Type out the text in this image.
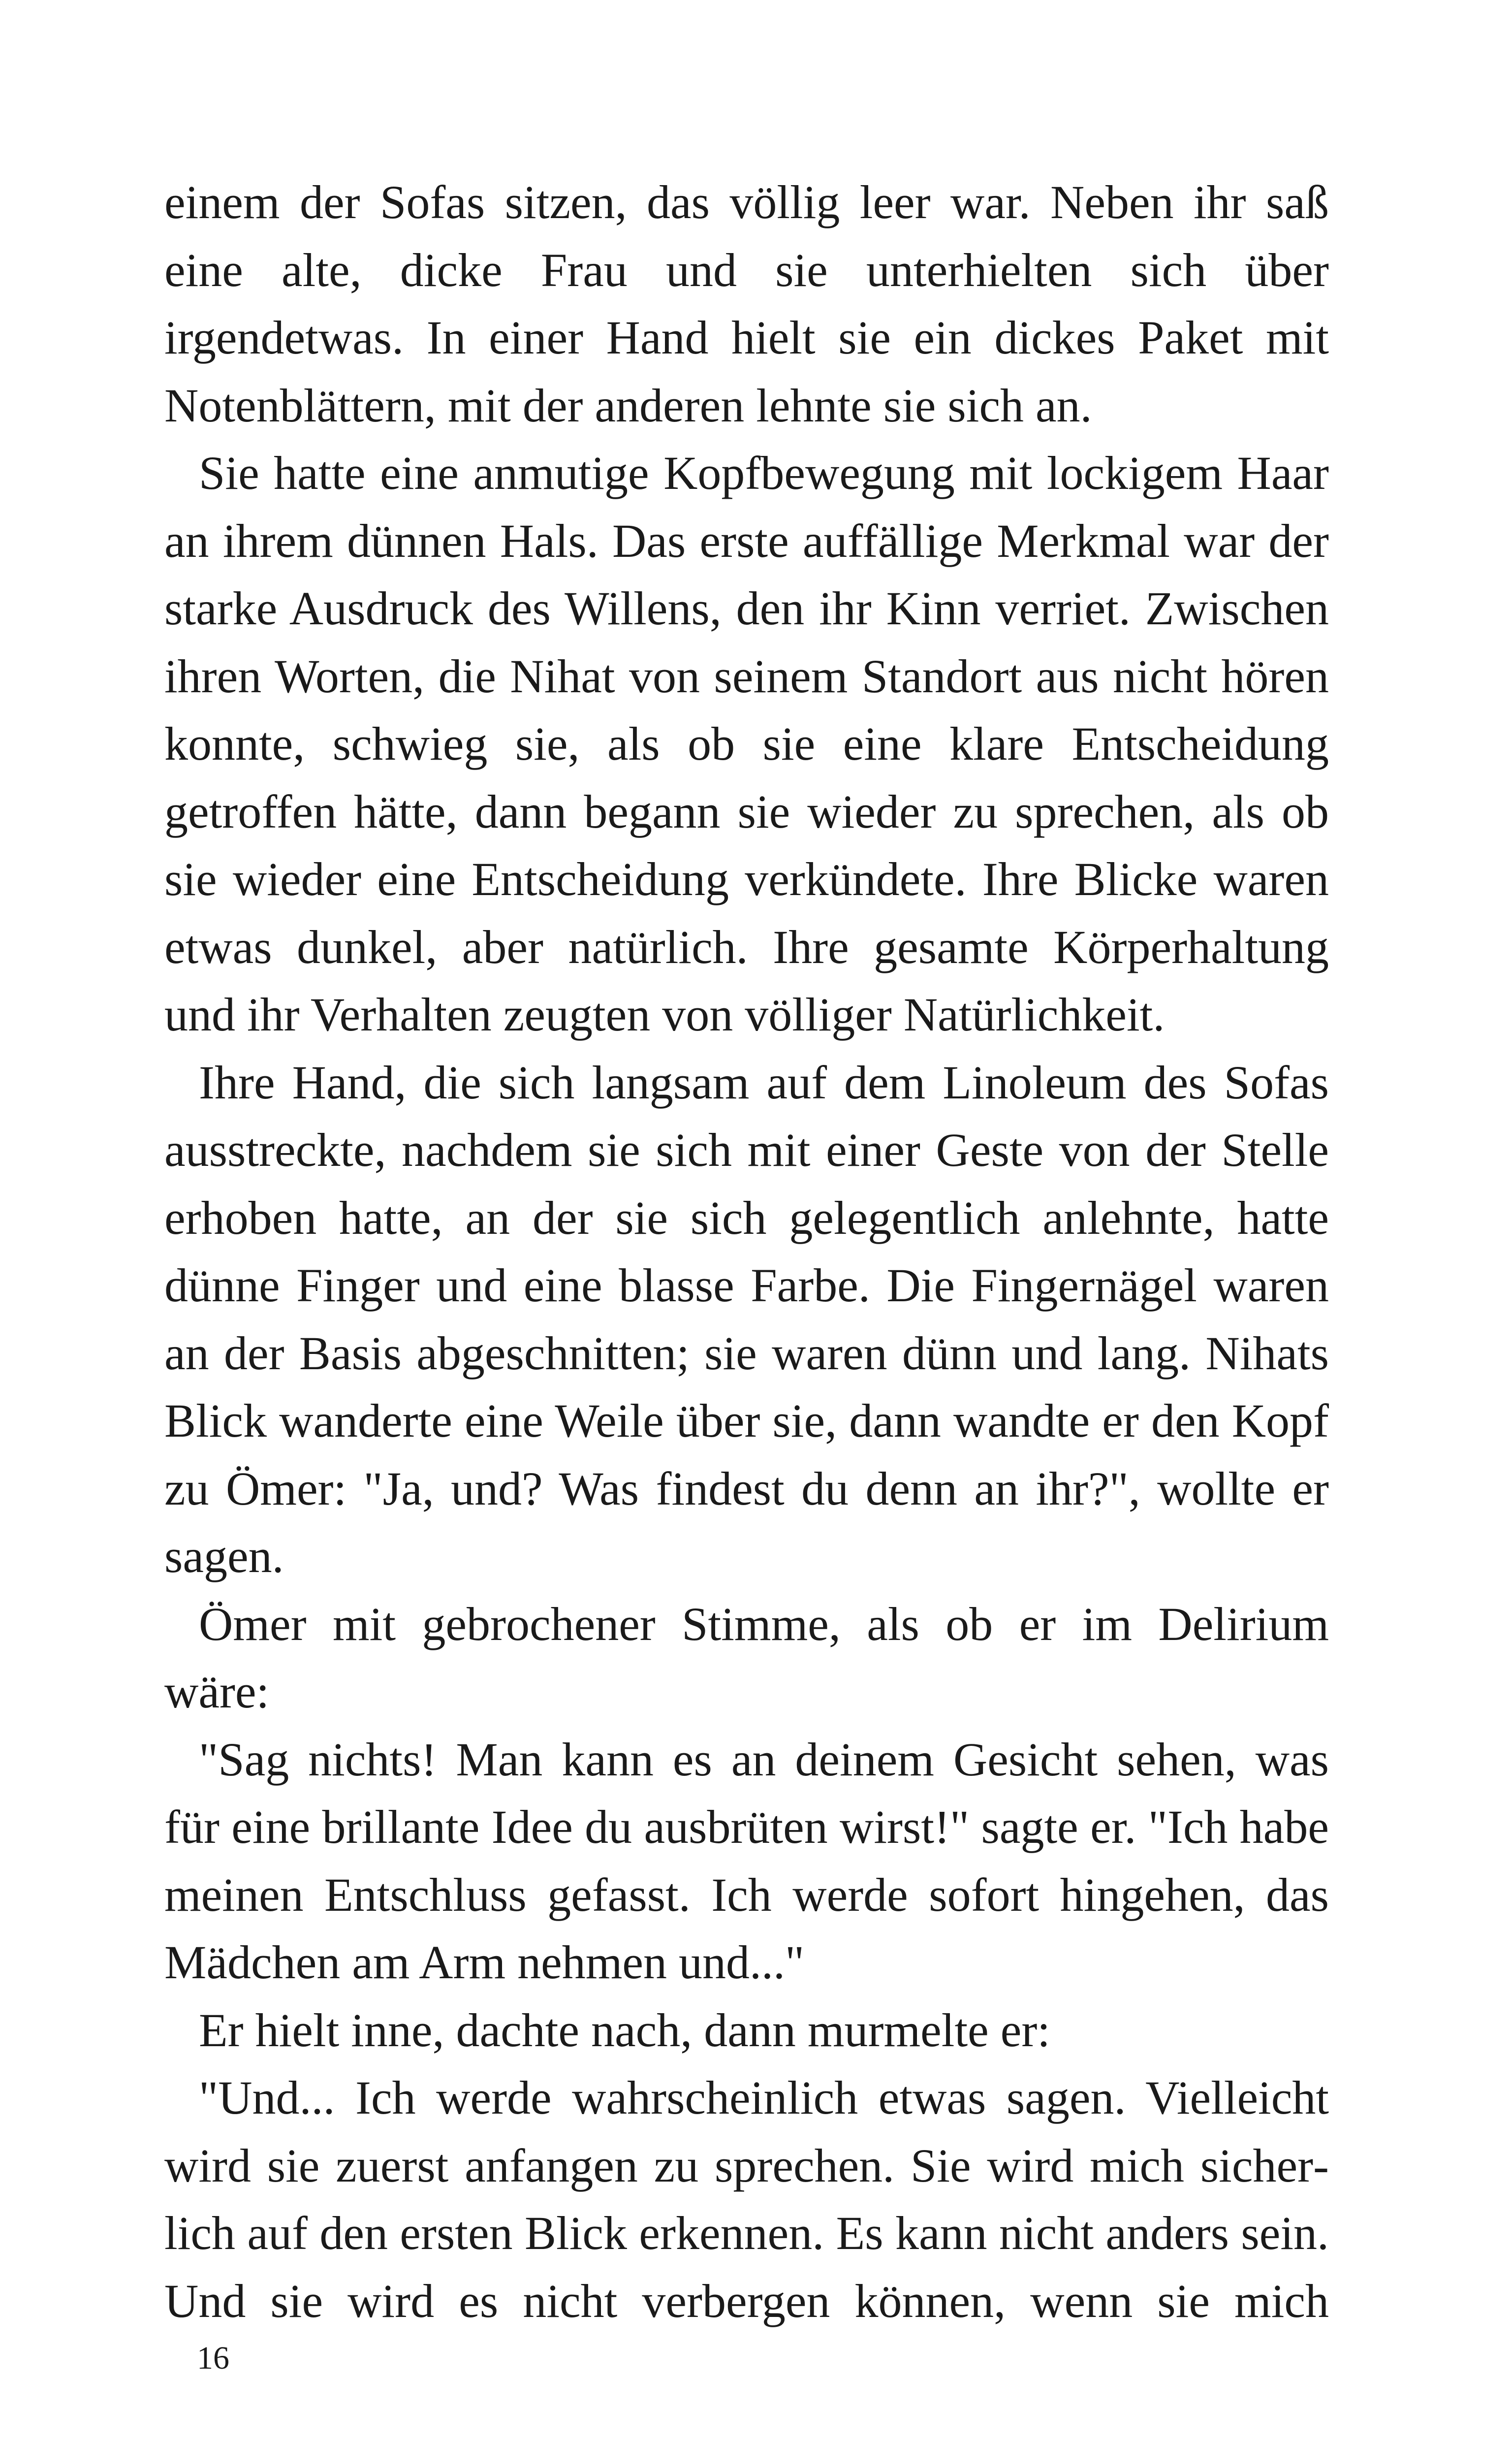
einem der Sofas sitzen, das völlig leer war. Neben ihr saß eine alte, dicke Frau und sie unterhielten sich über irgendetwas. In einer Hand hielt sie ein dickes Paket mit Notenblättern, mit der anderen lehnte sie sich an.

Sie hatte eine anmutige Kopfbewegung mit lockigem Haar an ihrem dünnen Hals. Das erste auffällige Merkmal war der starke Ausdruck des Willens, den ihr Kinn verriet. Zwischen ihren Worten, die Nihat von seinem Standort aus nicht hören konnte, schwieg sie, als ob sie eine klare Entscheidung getroffen hätte, dann begann sie wieder zu sprechen, als ob sie wieder eine Entscheidung verkündete. Ihre Blicke waren etwas dunkel, aber natürlich. Ihre gesamte Körperhaltung und ihr Verhalten zeugten von völliger Natürlichkeit.

Ihre Hand, die sich langsam auf dem Linoleum des Sofas ausstreckte, nachdem sie sich mit einer Geste von der Stelle erhoben hatte, an der sie sich gelegentlich anlehnte, hatte dünne Finger und eine blasse Farbe. Die Fingernägel waren an der Basis abgeschnitten; sie waren dünn und lang. Nihats Blick wanderte eine Weile über sie, dann wandte er den Kopf zu Ömer: "Ja, und? Was findest du denn an ihr?", wollte er sagen.

Ömer mit gebrochener Stimme, als ob er im Delirium wäre:

"Sag nichts! Man kann es an deinem Gesicht sehen, was für eine brillante Idee du ausbrüten wirst!" sagte er. "Ich habe meinen Entschluss gefasst. Ich werde sofort hingehen, das Mädchen am Arm nehmen und..."

Er hielt inne, dachte nach, dann murmelte er:

"Und... Ich werde wahrscheinlich etwas sagen. Vielleicht wird sie zuerst anfangen zu sprechen. Sie wird mich sicherlich auf den ersten Blick erkennen. Es kann nicht anders sein. Und sie wird es nicht verbergen können, wenn sie mich

16
